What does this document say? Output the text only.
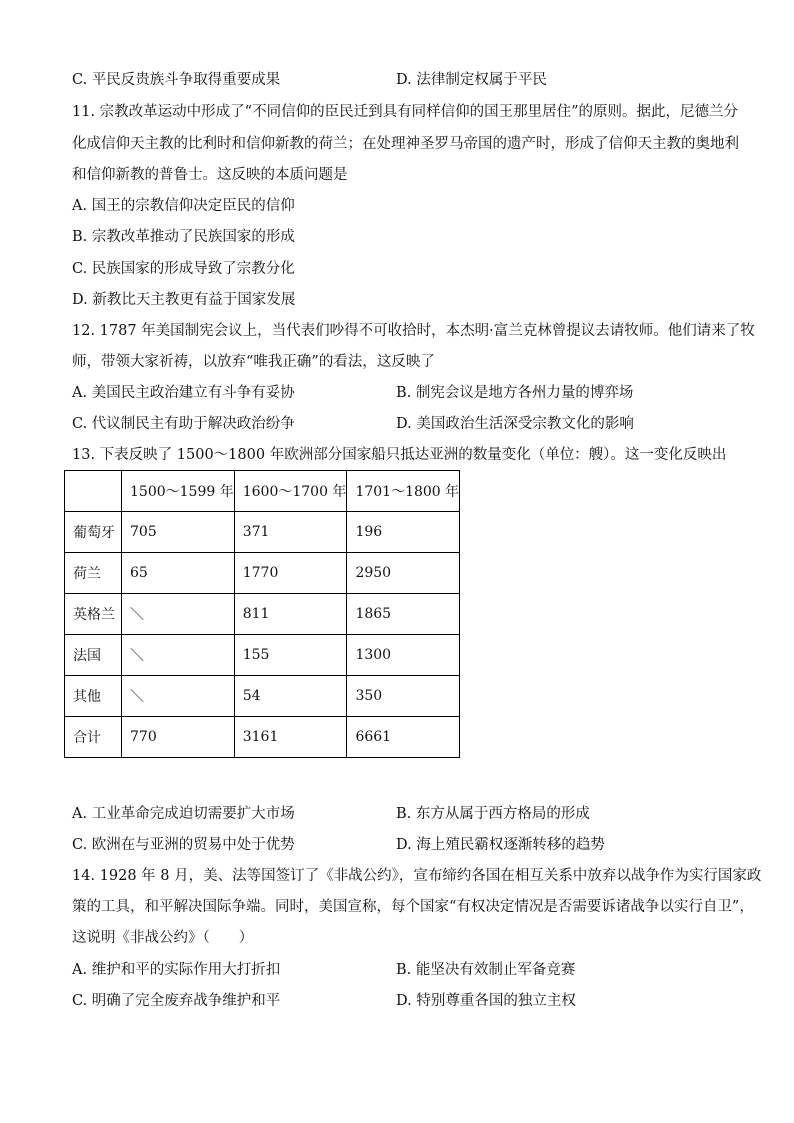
C. 平民反贵族斗争取得重要成果	D. 法律制定权属于平民
11. 宗教改革运动中形成了“不同信仰的臣民迁到具有同样信仰的国王那里居住”的原则。据此，尼德兰分
化成信仰天主教的比利时和信仰新教的荷兰；在处理神圣罗马帝国的遗产时，形成了信仰天主教的奥地利
和信仰新教的普鲁士。这反映的本质问题是
A. 国王的宗教信仰决定臣民的信仰
B. 宗教改革推动了民族国家的形成
C. 民族国家的形成导致了宗教分化
D. 新教比天主教更有益于国家发展
12. 1787 年美国制宪会议上，当代表们吵得不可收拾时，本杰明·富兰克林曾提议去请牧师。他们请来了牧
师，带领大家祈祷，以放弃“唯我正确”的看法，这反映了
A. 美国民主政治建立有斗争有妥协	B. 制宪会议是地方各州力量的博弈场
C. 代议制民主有助于解决政治纷争	D. 美国政治生活深受宗教文化的影响
13. 下表反映了 1500～1800 年欧洲部分国家船只抵达亚洲的数量变化（单位：艘）。这一变化反映出
	1500～1599 年	1600～1700 年	1701～1800 年
葡萄牙	705	371	196
荷兰	65	1770	2950
英格兰	＼	811	1865
法国	＼	155	1300
其他	＼	54	350
合计	770	3161	6661
A. 工业革命完成迫切需要扩大市场	B. 东方从属于西方格局的形成
C. 欧洲在与亚洲的贸易中处于优势	D. 海上殖民霸权逐渐转移的趋势
14. 1928 年 8 月，美、法等国签订了《非战公约》，宣布缔约各国在相互关系中放弃以战争作为实行国家政
策的工具，和平解决国际争端。同时，美国宣称，每个国家“有权决定情况是否需要诉诸战争以实行自卫”，
这说明《非战公约》（　　）
A. 维护和平的实际作用大打折扣	B. 能坚决有效制止军备竞赛
C. 明确了完全废弃战争维护和平	D. 特别尊重各国的独立主权
